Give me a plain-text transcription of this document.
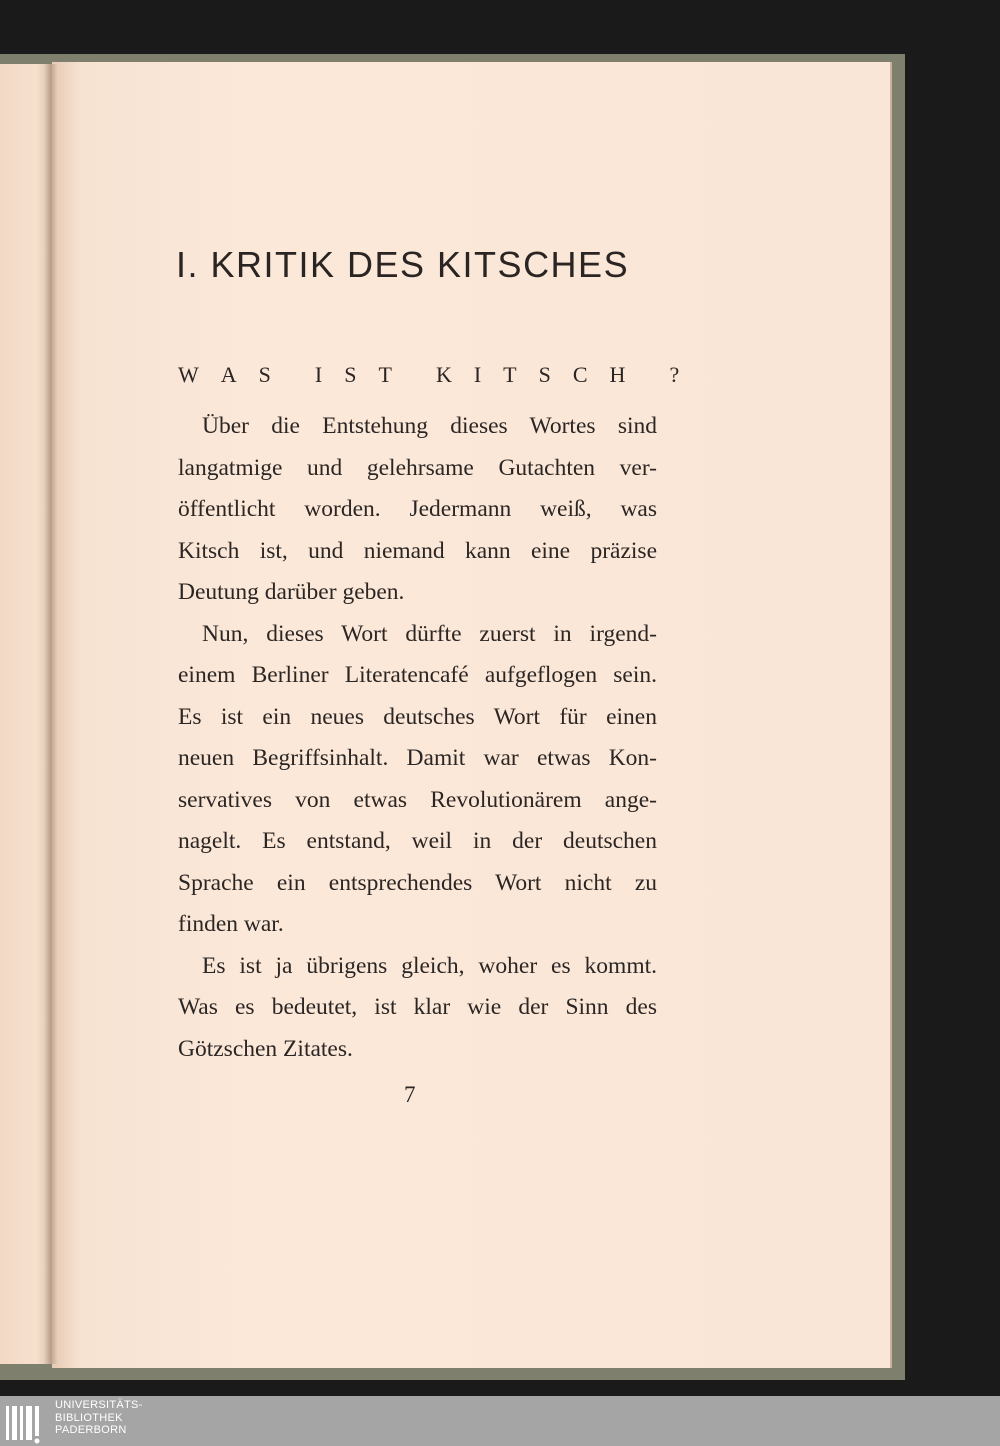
I. KRITIK DES KITSCHES
W A S I S T K I T S C H ?
Über die Entstehung dieses Wortes sind
langatmige und gelehrsame Gutachten ver-
öffentlicht worden. Jedermann weiß, was
Kitsch ist, und niemand kann eine präzise
Deutung darüber geben.
Nun, dieses Wort dürfte zuerst in irgend-
einem Berliner Literatencafé aufgeflogen sein.
Es ist ein neues deutsches Wort für einen
neuen Begriffsinhalt. Damit war etwas Kon-
servatives von etwas Revolutionärem ange-
nagelt. Es entstand, weil in der deutschen
Sprache ein entsprechendes Wort nicht zu
finden war.
Es ist ja übrigens gleich, woher es kommt.
Was es bedeutet, ist klar wie der Sinn des
Götzschen Zitates.
7
UNIVERSITÄTS-
BIBLIOTHEK
PADERBORN
